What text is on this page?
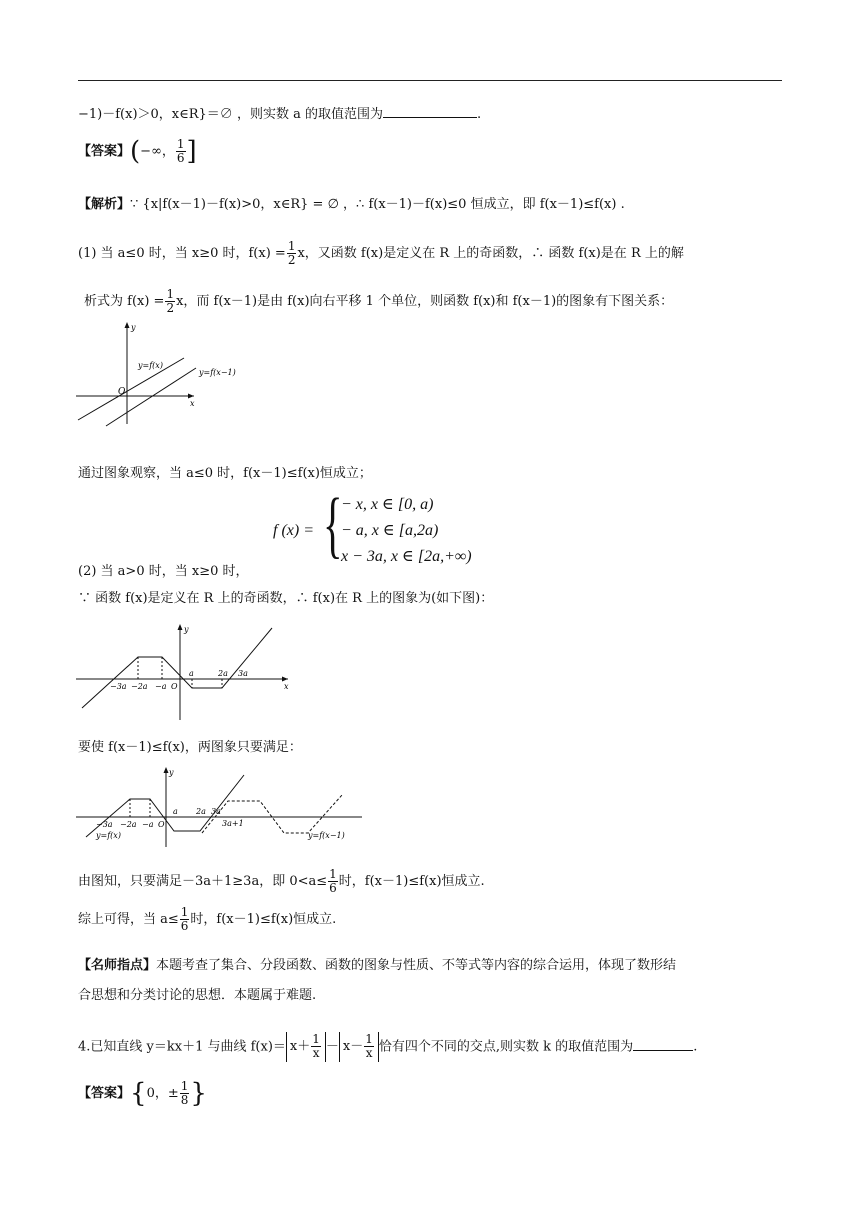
−1)－f(x)＞0，x∈R}＝∅ ，则实数 a 的取值范围为	.
【答案】(−∞， $\frac{1}{6}$ ]
【解析】∵ {x|f(x－1)－f(x)>0，x∈R} = ∅ ，∴ f(x－1)－f(x)≤0 恒成立，即 f(x－1)≤f(x) .
(1) 当 a≤0 时，当 x≥0 时，$f(x) = \frac{1}{2}$ x，又函数 f(x)是定义在 R 上的奇函数，∴ 函数 f(x)是在 R 上的解
析式为 $f(x) = \frac{1}{2}$ x，而 f(x－1)是由 f(x)向右平移 1 个单位，则函数 f(x)和 f(x－1)的图象有下图关系：
y
x
O
y=f(x)
y=f(x−1)
通过图象观察，当 a≤0 时，f(x－1)≤f(x)恒成立；
f (x) = {
− x, x ∈ [0, a)
− a, x ∈ [a,2a)
x − 3a, x ∈ [2a,+∞)
(2) 当 a>0 时，当 x≥0 时，
∵ 函数 f(x)是定义在 R 上的奇函数，∴ f(x)在 R 上的图象为(如下图)：
y
x
O
−3a −2a −a
a	2a 3a
要使 f(x－1)≤f(x)，两图象只要满足：
y
O
−3a −2a −a
a 2a 3a
3a+1
y=f(x)	y=f(x−1)
由图知，只要满足－3a＋1≥3a，即 $0<a\le \frac{1}{6}$ 时，f(x－1)≤f(x)恒成立.
综上可得，当 $a\le \frac{1}{6}$ 时，f(x－1)≤f(x)恒成立.
【名师指点】本题考查了集合、分段函数、函数的图象与性质、不等式等内容的综合运用，体现了数形结
合思想和分类讨论的思想．本题属于难题.
4.已知直线 y＝kx＋1 与曲线 $f(x)= x+ \frac{1}{x} - x- \frac{1}{x}$ 恰有四个不同的交点,则实数 k 的取值范围为	.
【答案】{0，± $\frac{1}{8}$ }
